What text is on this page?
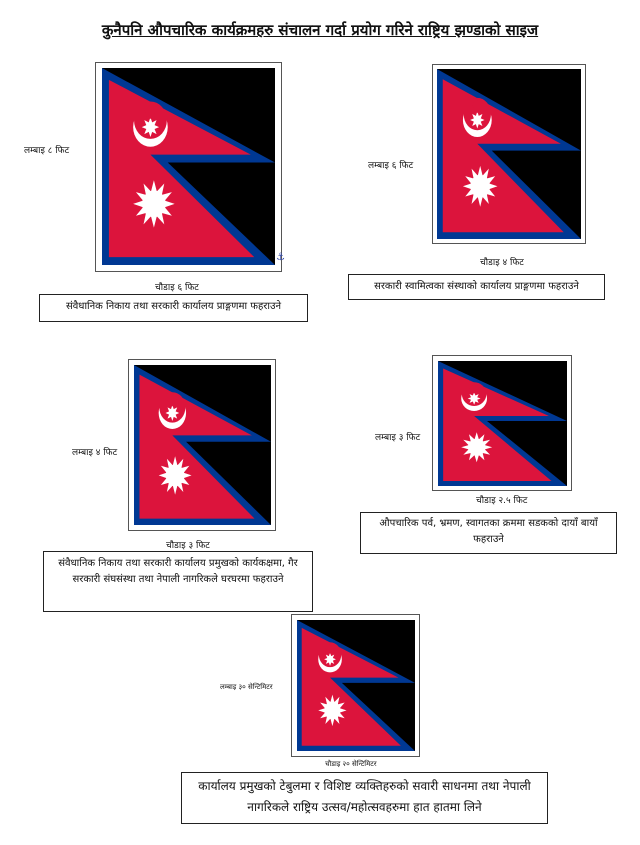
कुनैपनि औपचारिक कार्यक्रमहरु संचालन गर्दा प्रयोग गरिने राष्ट्रिय झण्डाको साइज
⚓
लम्बाइ ८ फिट
चौडाइ ६ फिट
संवैधानिक निकाय तथा सरकारी कार्यालय प्राङ्गणमा फहराउने
लम्बाइ ६ फिट
चौडाइ ४ फिट
सरकारी स्वामित्वका संस्थाको कार्यालय प्राङ्गणमा फहराउने
लम्बाइ ४ फिट
चौडाइ ३ फिट
संवैधानिक निकाय तथा सरकारी कार्यालय प्रमुखको कार्यकक्षमा, गैर सरकारी संघसंस्था तथा नेपाली नागरिकले घरघरमा फहराउने
लम्बाइ ३ फिट
चौडाइ २.५ फिट
औपचारिक पर्व, भ्रमण, स्वागतका क्रममा सडकको दायाँ बायाँ फहराउने
लम्बाइ ३० सेन्टिमिटर
चौडाइ २० सेन्टिमिटर
कार्यालय प्रमुखको टेबुलमा र विशिष्ट व्यक्तिहरुको सवारी साधनमा तथा नेपाली नागरिकले राष्ट्रिय उत्सव/महोत्सवहरुमा हात हातमा लिने
